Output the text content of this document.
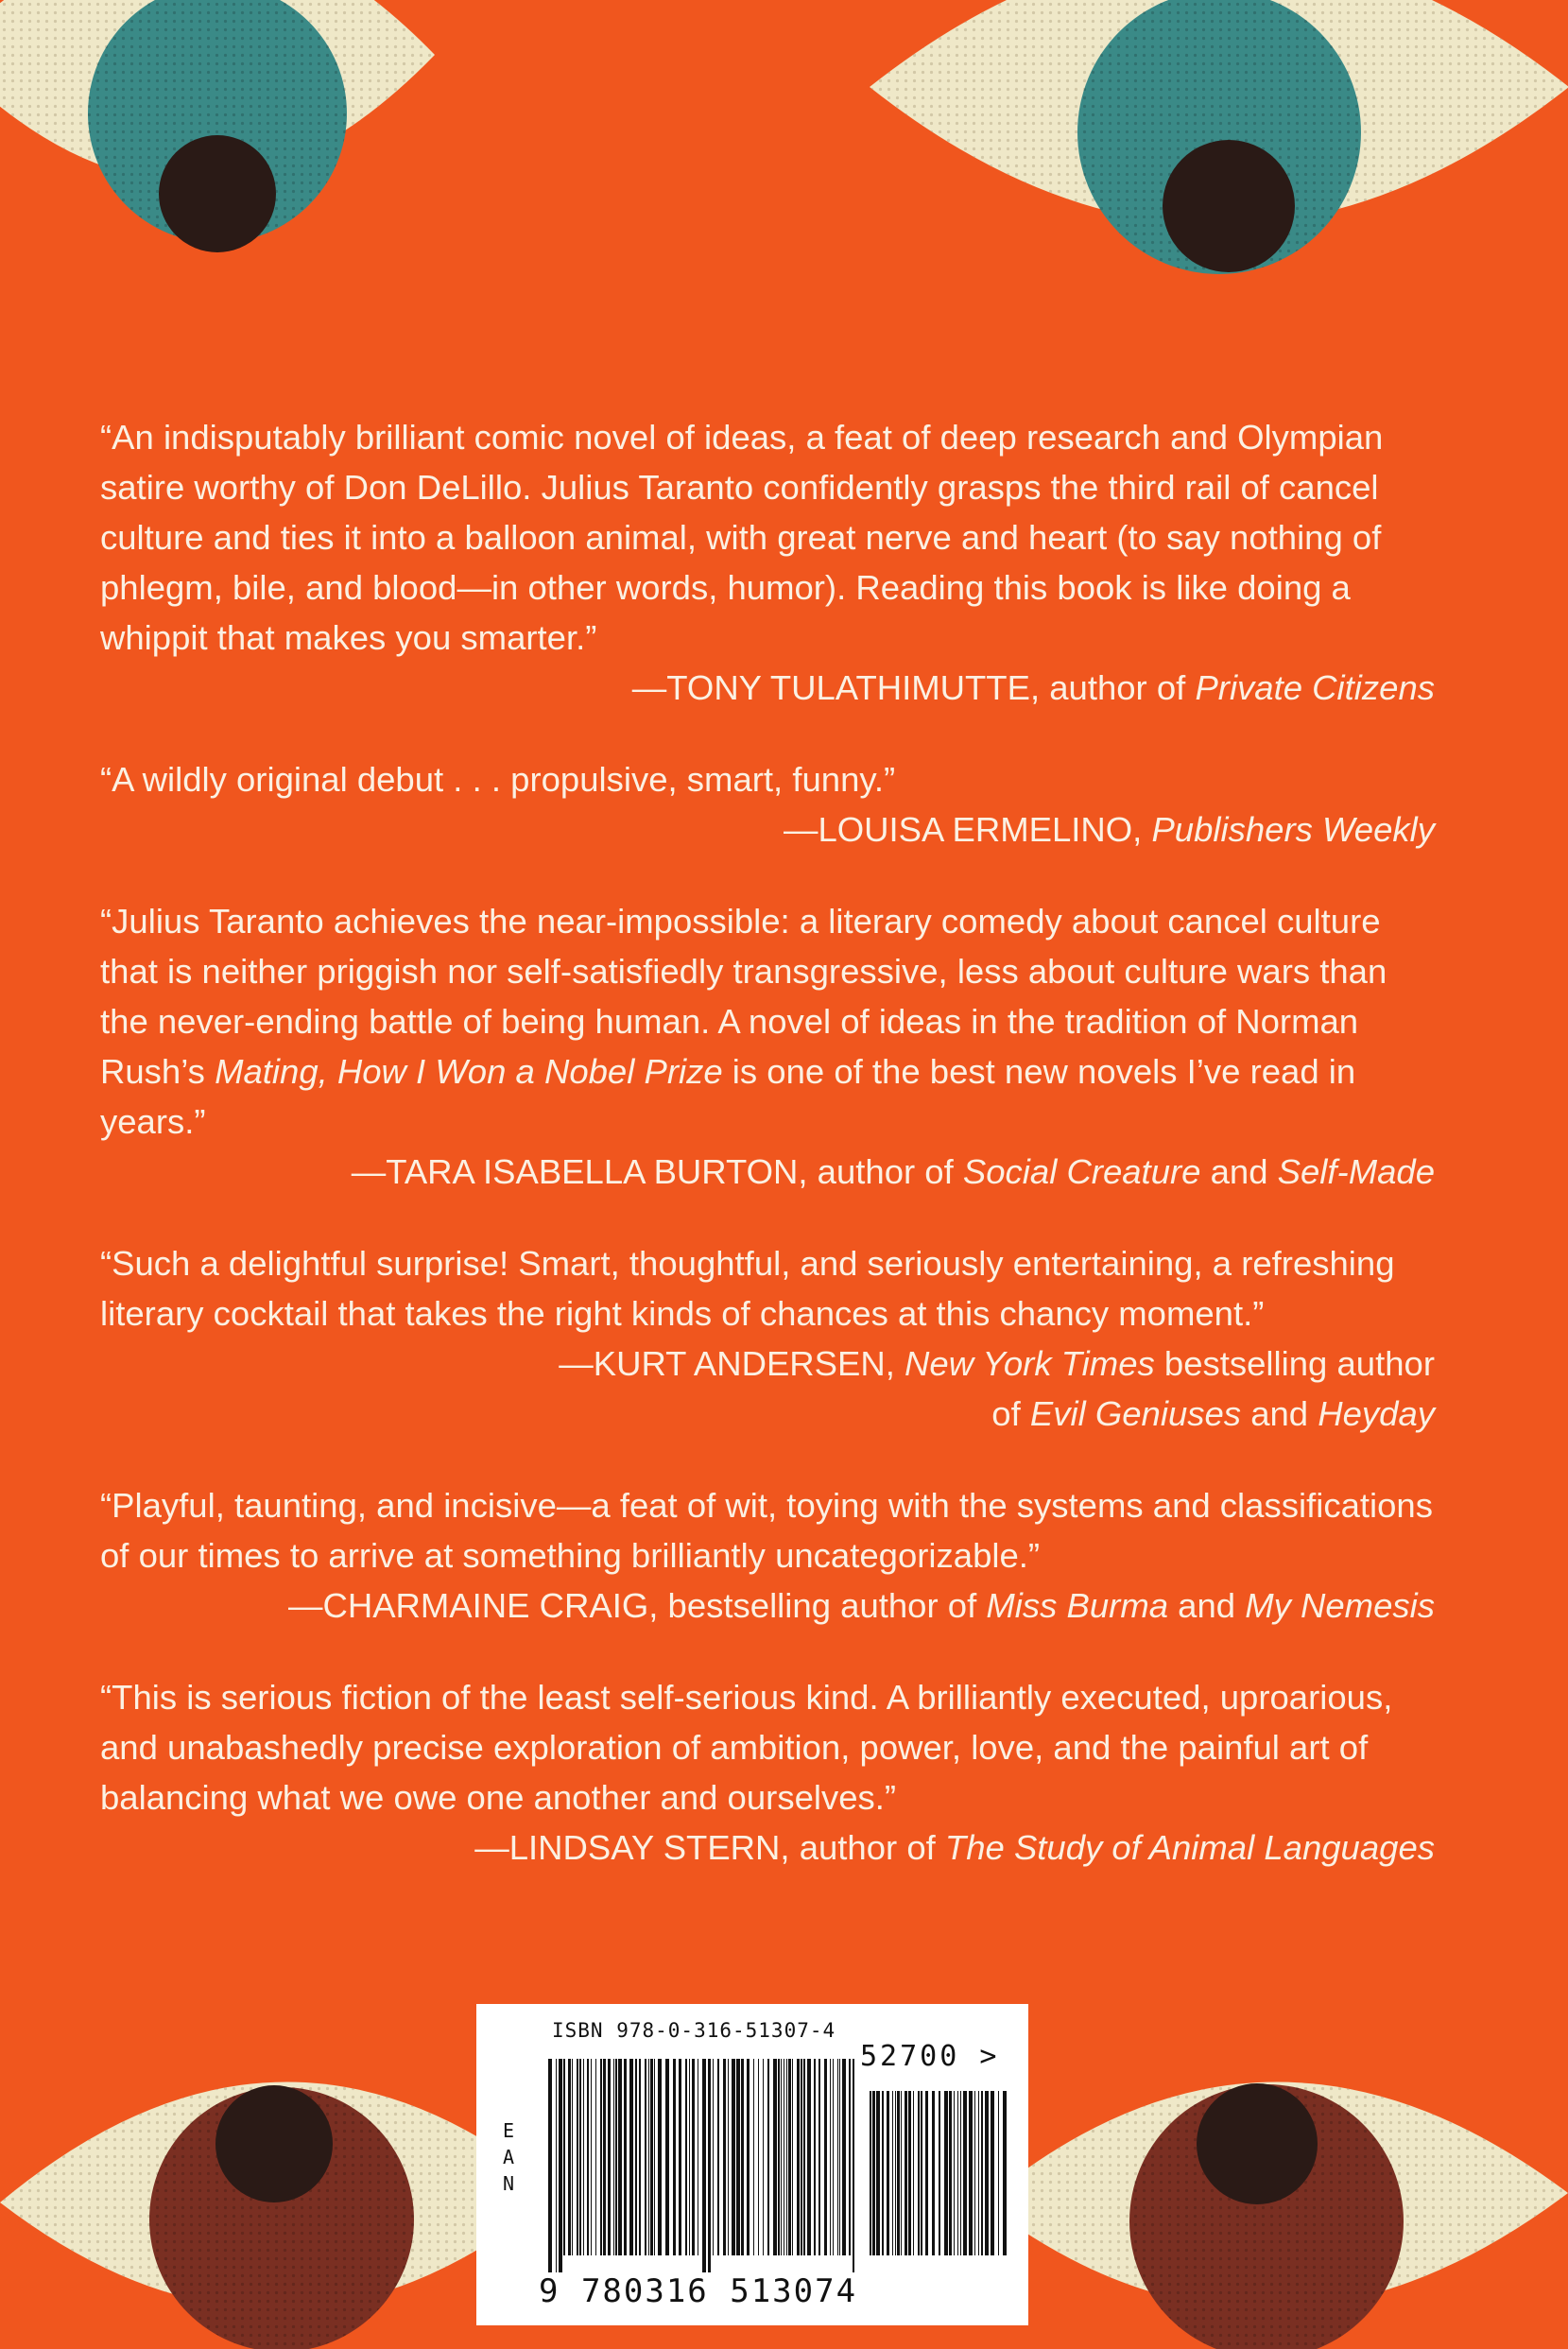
“An indisputably brilliant comic novel of ideas, a feat of deep research and Olympian satire worthy of Don DeLillo. Julius Taranto confidently grasps the third rail of cancel culture and ties it into a balloon animal, with great nerve and heart (to say nothing of phlegm, bile, and blood—in other words, humor). Reading this book is like doing a whippit that makes you smarter.”

—TONY TULATHIMUTTE, author of Private Citizens

“A wildly original debut . . . propulsive, smart, funny.”

—LOUISA ERMELINO, Publishers Weekly

“Julius Taranto achieves the near-impossible: a literary comedy about cancel culture that is neither priggish nor self-satisfiedly transgressive, less about culture wars than the never-ending battle of being human. A novel of ideas in the tradition of Norman Rush’s Mating, How I Won a Nobel Prize is one of the best new novels I’ve read in years.”

—TARA ISABELLA BURTON, author of Social Creature and Self-Made

“Such a delightful surprise! Smart, thoughtful, and seriously entertaining, a refreshing literary cocktail that takes the right kinds of chances at this chancy moment.”

—KURT ANDERSEN, New York Times bestselling author
of Evil Geniuses and Heyday

“Playful, taunting, and incisive—a feat of wit, toying with the systems and classifications of our times to arrive at something brilliantly uncategorizable.”

—CHARMAINE CRAIG, bestselling author of Miss Burma and My Nemesis

“This is serious fiction of the least self-serious kind. A brilliantly executed, uproarious, and unabashedly precise exploration of ambition, power, love, and the painful art of balancing what we owe one another and ourselves.”

—LINDSAY STERN, author of The Study of Animal Languages

ISBN 978-0-316-51307-4
52700 >
E
A
N
9 780316 513074
